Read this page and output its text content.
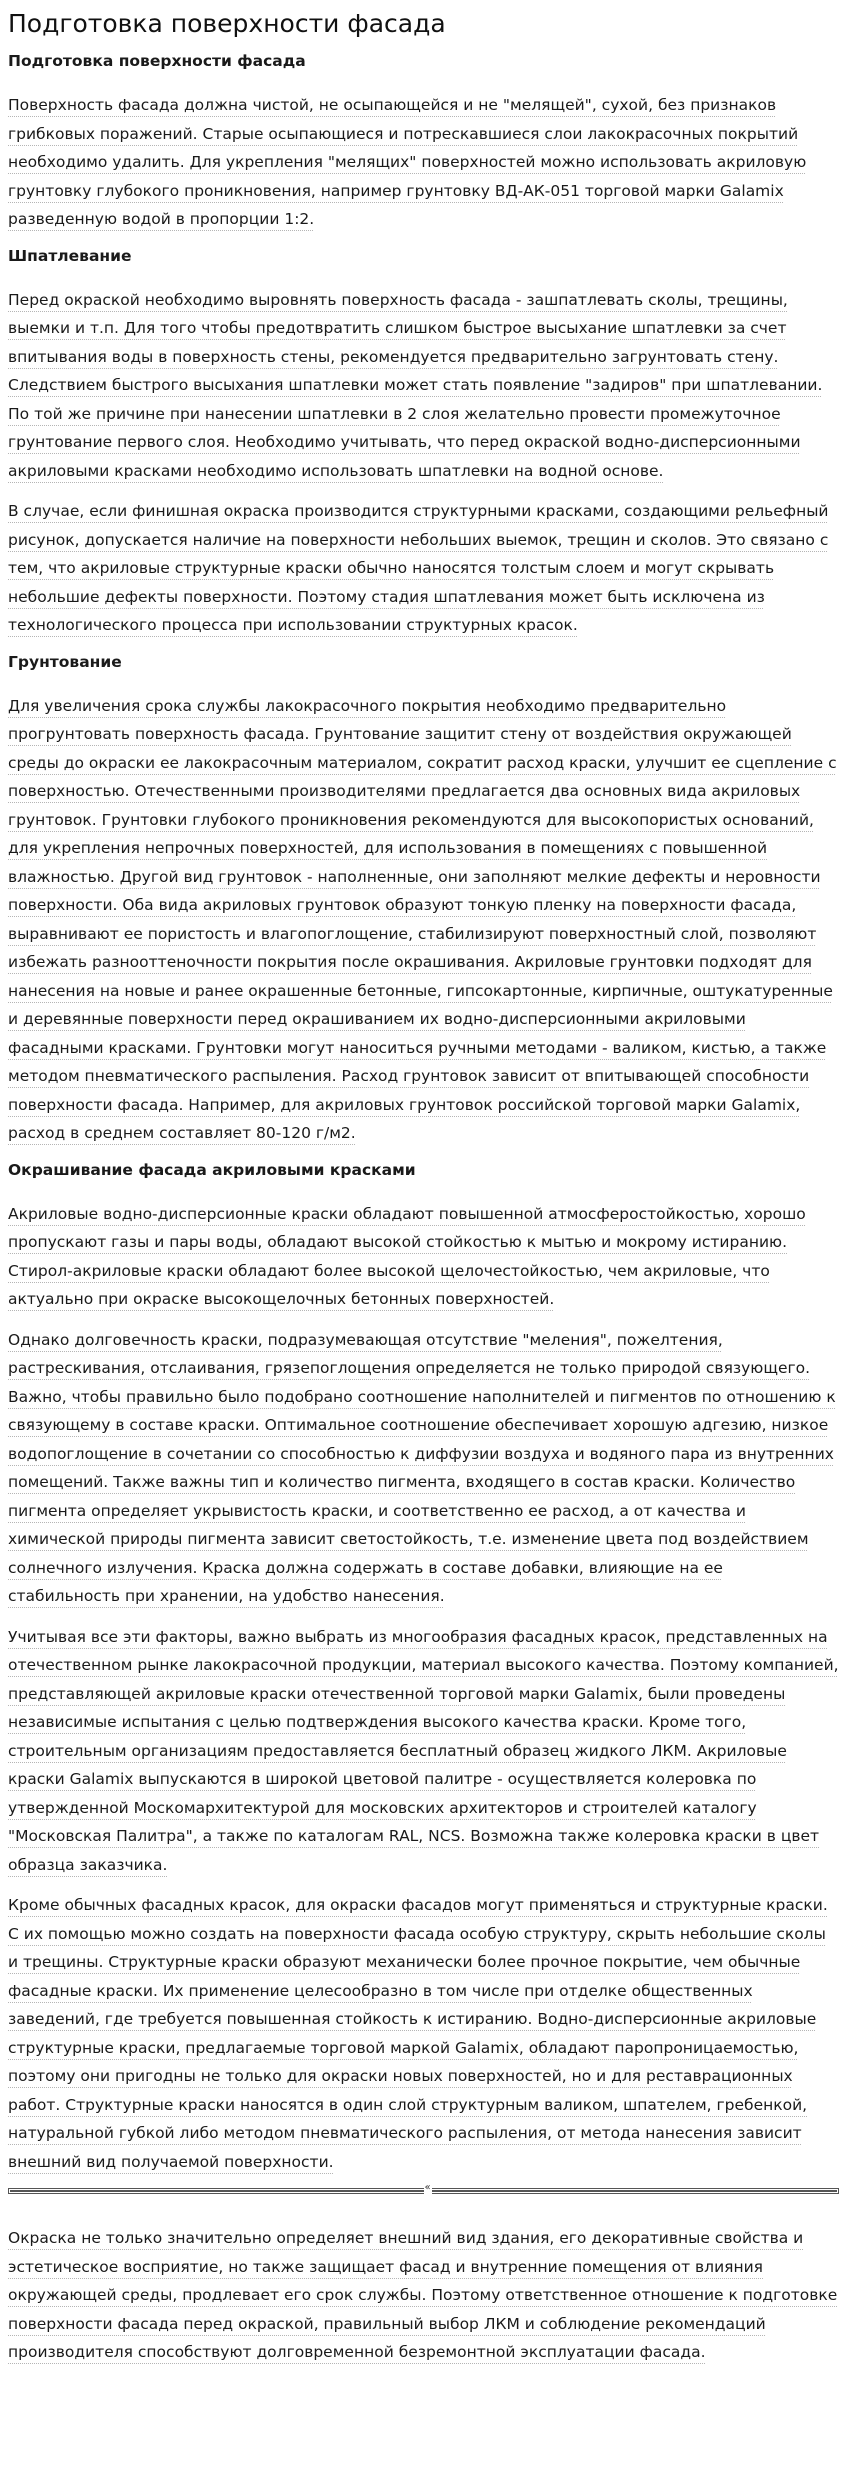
Подготовка поверхности фасада
Подготовка поверхности фасада

Поверхность фасада должна чистой, не осыпающейся и не "мелящей", сухой, без признаков грибковых поражений. Старые осыпающиеся и потрескавшиеся слои лакокрасочных покрытий необходимо удалить. Для укрепления "мелящих" поверхностей можно использовать акриловую грунтовку глубокого проникновения, например грунтовку ВД-АК-051 торговой марки Galamix разведенную водой в пропорции 1:2.

Шпатлевание

Перед окраской необходимо выровнять поверхность фасада - зашпатлевать сколы, трещины, выемки и т.п. Для того чтобы предотвратить слишком быстрое высыхание шпатлевки за счет впитывания воды в поверхность стены, рекомендуется предварительно загрунтовать стену. Следствием быстрого высыхания шпатлевки может стать появление "задиров" при шпатлевании. По той же причине при нанесении шпатлевки в 2 слоя желательно провести промежуточное грунтование первого слоя. Необходимо учитывать, что перед окраской водно-дисперсионными акриловыми красками необходимо использовать шпатлевки на водной основе.

В случае, если финишная окраска производится структурными красками, создающими рельефный рисунок, допускается наличие на поверхности небольших выемок, трещин и сколов. Это связано с тем, что акриловые структурные краски обычно наносятся толстым слоем и могут скрывать небольшие дефекты поверхности. Поэтому стадия шпатлевания может быть исключена из технологического процесса при использовании структурных красок.

Грунтование

Для увеличения срока службы лакокрасочного покрытия необходимо предварительно прогрунтовать поверхность фасада. Грунтование защитит стену от воздействия окружающей среды до окраски ее лакокрасочным материалом, сократит расход краски, улучшит ее сцепление с поверхностью. Отечественными производителями предлагается два основных вида акриловых грунтовок. Грунтовки глубокого проникновения рекомендуются для высокопористых оснований, для укрепления непрочных поверхностей, для использования в помещениях с повышенной влажностью. Другой вид грунтовок - наполненные, они заполняют мелкие дефекты и неровности поверхности. Оба вида акриловых грунтовок образуют тонкую пленку на поверхности фасада, выравнивают ее пористость и влагопоглощение, стабилизируют поверхностный слой, позволяют избежать разнооттеночности покрытия после окрашивания. Акриловые грунтовки подходят для нанесения на новые и ранее окрашенные бетонные, гипсокартонные, кирпичные, оштукатуренные и деревянные поверхности перед окрашиванием их водно-дисперсионными акриловыми фасадными красками. Грунтовки могут наноситься ручными методами - валиком, кистью, а также методом пневматического распыления. Расход грунтовок зависит от впитывающей способности поверхности фасада. Например, для акриловых грунтовок российской торговой марки Galamix, расход в среднем составляет 80-120 г/м2.

Окрашивание фасада акриловыми красками

Акриловые водно-дисперсионные краски обладают повышенной атмосферостойкостью, хорошо пропускают газы и пары воды, обладают высокой стойкостью к мытью и мокрому истиранию. Стирол-акриловые краски обладают более высокой щелочестойкостью, чем акриловые, что актуально при окраске высокощелочных бетонных поверхностей.

Однако долговечность краски, подразумевающая отсутствие "меления", пожелтения, растрескивания, отслаивания, грязепоглощения определяется не только природой связующего. Важно, чтобы правильно было подобрано соотношение наполнителей и пигментов по отношению к связующему в составе краски. Оптимальное соотношение обеспечивает хорошую адгезию, низкое водопоглощение в сочетании со способностью к диффузии воздуха и водяного пара из внутренних помещений. Также важны тип и количество пигмента, входящего в состав краски. Количество пигмента определяет укрывистость краски, и соответственно ее расход, а от качества и химической природы пигмента зависит светостойкость, т.е. изменение цвета под воздействием солнечного излучения. Краска должна содержать в составе добавки, влияющие на ее стабильность при хранении, на удобство нанесения.

Учитывая все эти факторы, важно выбрать из многообразия фасадных красок, представленных на отечественном рынке лакокрасочной продукции, материал высокого качества. Поэтому компанией, представляющей акриловые краски отечественной торговой марки Galamix, были проведены независимые испытания с целью подтверждения высокого качества краски. Кроме того, строительным организациям предоставляется бесплатный образец жидкого ЛКМ. Акриловые краски Galamix выпускаются в широкой цветовой палитре - осуществляется колеровка по утвержденной Москомархитектурой для московских архитекторов и строителей каталогу "Московская Палитра", а также по каталогам RAL, NCS. Возможна также колеровка краски в цвет образца заказчика.

Кроме обычных фасадных красок, для окраски фасадов могут применяться и структурные краски. С их помощью можно создать на поверхности фасада особую структуру, скрыть небольшие сколы и трещины. Структурные краски образуют механически более прочное покрытие, чем обычные фасадные краски. Их применение целесообразно в том числе при отделке общественных заведений, где требуется повышенная стойкость к истиранию. Водно-дисперсионные акриловые структурные краски, предлагаемые торговой маркой Galamix, обладают паропроницаемостью, поэтому они пригодны не только для окраски новых поверхностей, но и для реставрационных работ. Структурные краски наносятся в один слой структурным валиком, шпателем, гребенкой, натуральной губкой либо методом пневматического распыления, от метода нанесения зависит внешний вид получаемой поверхности.

«

Окраска не только значительно определяет внешний вид здания, его декоративные свойства и эстетическое восприятие, но также защищает фасад и внутренние помещения от влияния окружающей среды, продлевает его срок службы. Поэтому ответственное отношение к подготовке поверхности фасада перед окраской, правильный выбор ЛКМ и соблюдение рекомендаций производителя способствуют долговременной безремонтной эксплуатации фасада.
